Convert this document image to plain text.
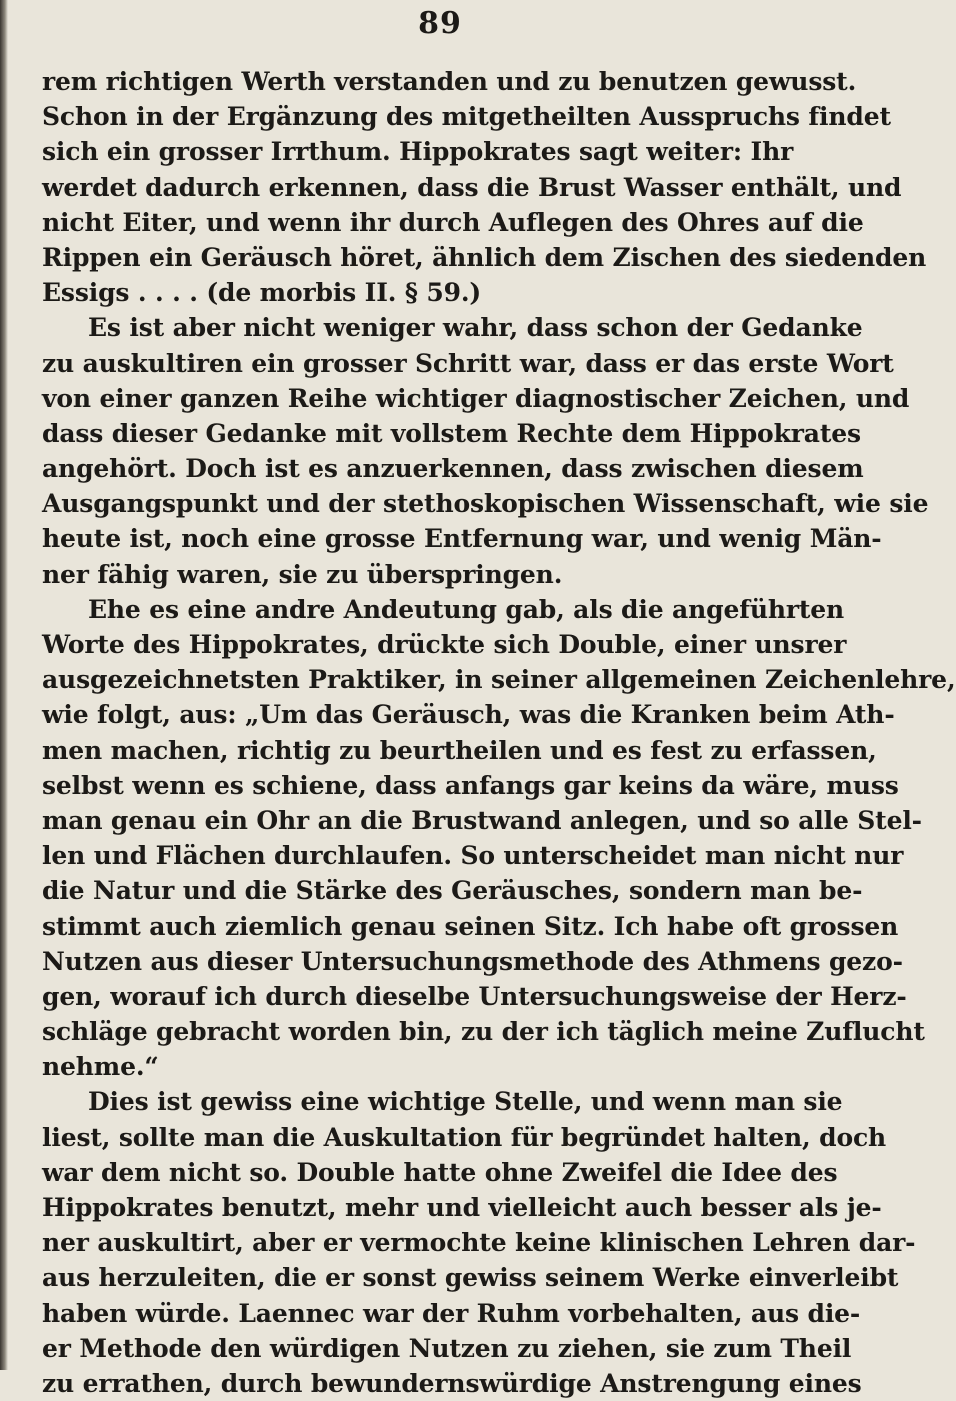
89
rem richtigen Werth verstanden und zu benutzen gewusst.
Schon in der Ergänzung des mitgetheilten Ausspruchs findet
sich ein grosser Irrthum. Hippokrates sagt weiter: Ihr
werdet dadurch erkennen, dass die Brust Wasser enthält, und
nicht Eiter, und wenn ihr durch Auflegen des Ohres auf die
Rippen ein Geräusch höret, ähnlich dem Zischen des siedenden
Essigs . . . . (de morbis II. § 59.)
Es ist aber nicht weniger wahr, dass schon der Gedanke
zu auskultiren ein grosser Schritt war, dass er das erste Wort
von einer ganzen Reihe wichtiger diagnostischer Zeichen, und
dass dieser Gedanke mit vollstem Rechte dem Hippokrates
angehört. Doch ist es anzuerkennen, dass zwischen diesem
Ausgangspunkt und der stethoskopischen Wissenschaft, wie sie
heute ist, noch eine grosse Entfernung war, und wenig Män-
ner fähig waren, sie zu überspringen.
Ehe es eine andre Andeutung gab, als die angeführten
Worte des Hippokrates, drückte sich Double, einer unsrer
ausgezeichnetsten Praktiker, in seiner allgemeinen Zeichenlehre,
wie folgt, aus: „Um das Geräusch, was die Kranken beim Ath-
men machen, richtig zu beurtheilen und es fest zu erfassen,
selbst wenn es schiene, dass anfangs gar keins da wäre, muss
man genau ein Ohr an die Brustwand anlegen, und so alle Stel-
len und Flächen durchlaufen. So unterscheidet man nicht nur
die Natur und die Stärke des Geräusches, sondern man be-
stimmt auch ziemlich genau seinen Sitz. Ich habe oft grossen
Nutzen aus dieser Untersuchungsmethode des Athmens gezo-
gen, worauf ich durch dieselbe Untersuchungsweise der Herz-
schläge gebracht worden bin, zu der ich täglich meine Zuflucht
nehme.“
Dies ist gewiss eine wichtige Stelle, und wenn man sie
liest, sollte man die Auskultation für begründet halten, doch
war dem nicht so. Double hatte ohne Zweifel die Idee des
Hippokrates benutzt, mehr und vielleicht auch besser als je-
ner auskultirt, aber er vermochte keine klinischen Lehren dar-
aus herzuleiten, die er sonst gewiss seinem Werke einverleibt
haben würde. Laennec war der Ruhm vorbehalten, aus die-
er Methode den würdigen Nutzen zu ziehen, sie zum Theil
zu errathen, durch bewundernswürdige Anstrengung eines
